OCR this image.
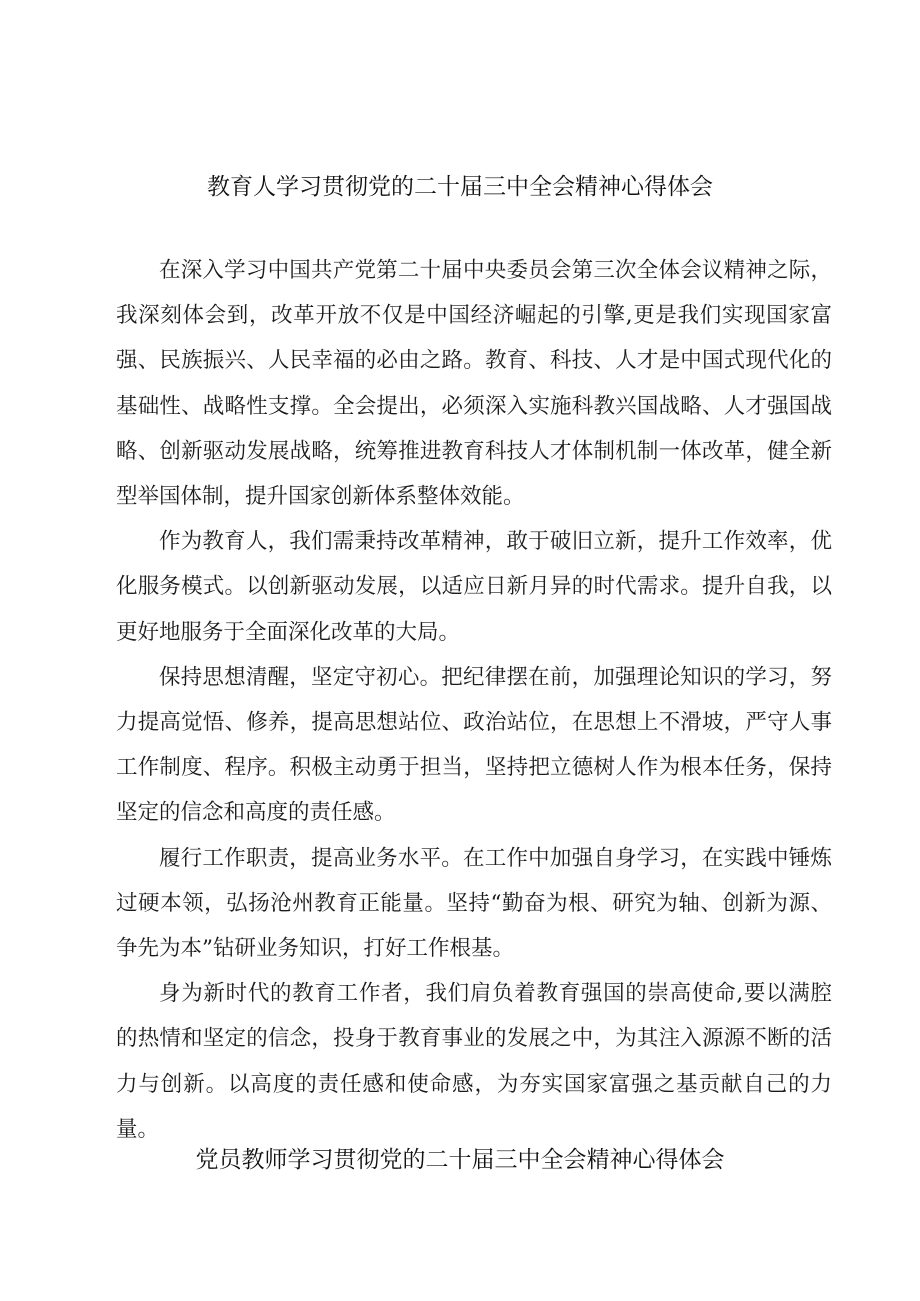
教育人学习贯彻党的二十届三中全会精神心得体会

在深入学习中国共产党第二十届中央委员会第三次全体会议精神之际，我深刻体会到，改革开放不仅是中国经济崛起的引擎,更是我们实现国家富强、民族振兴、人民幸福的必由之路。教育、科技、人才是中国式现代化的基础性、战略性支撑。全会提出，必须深入实施科教兴国战略、人才强国战略、创新驱动发展战略，统筹推进教育科技人才体制机制一体改革，健全新型举国体制，提升国家创新体系整体效能。

作为教育人，我们需秉持改革精神，敢于破旧立新，提升工作效率，优化服务模式。以创新驱动发展，以适应日新月异的时代需求。提升自我，以更好地服务于全面深化改革的大局。

保持思想清醒，坚定守初心。把纪律摆在前，加强理论知识的学习，努力提高觉悟、修养，提高思想站位、政治站位，在思想上不滑坡，严守人事工作制度、程序。积极主动勇于担当，坚持把立德树人作为根本任务，保持坚定的信念和高度的责任感。

履行工作职责，提高业务水平。在工作中加强自身学习，在实践中锤炼过硬本领，弘扬沧州教育正能量。坚持“勤奋为根、研究为轴、创新为源、争先为本”钻研业务知识，打好工作根基。

身为新时代的教育工作者，我们肩负着教育强国的崇高使命,要以满腔的热情和坚定的信念，投身于教育事业的发展之中，为其注入源源不断的活力与创新。以高度的责任感和使命感，为夯实国家富强之基贡献自己的力量。

党员教师学习贯彻党的二十届三中全会精神心得体会
